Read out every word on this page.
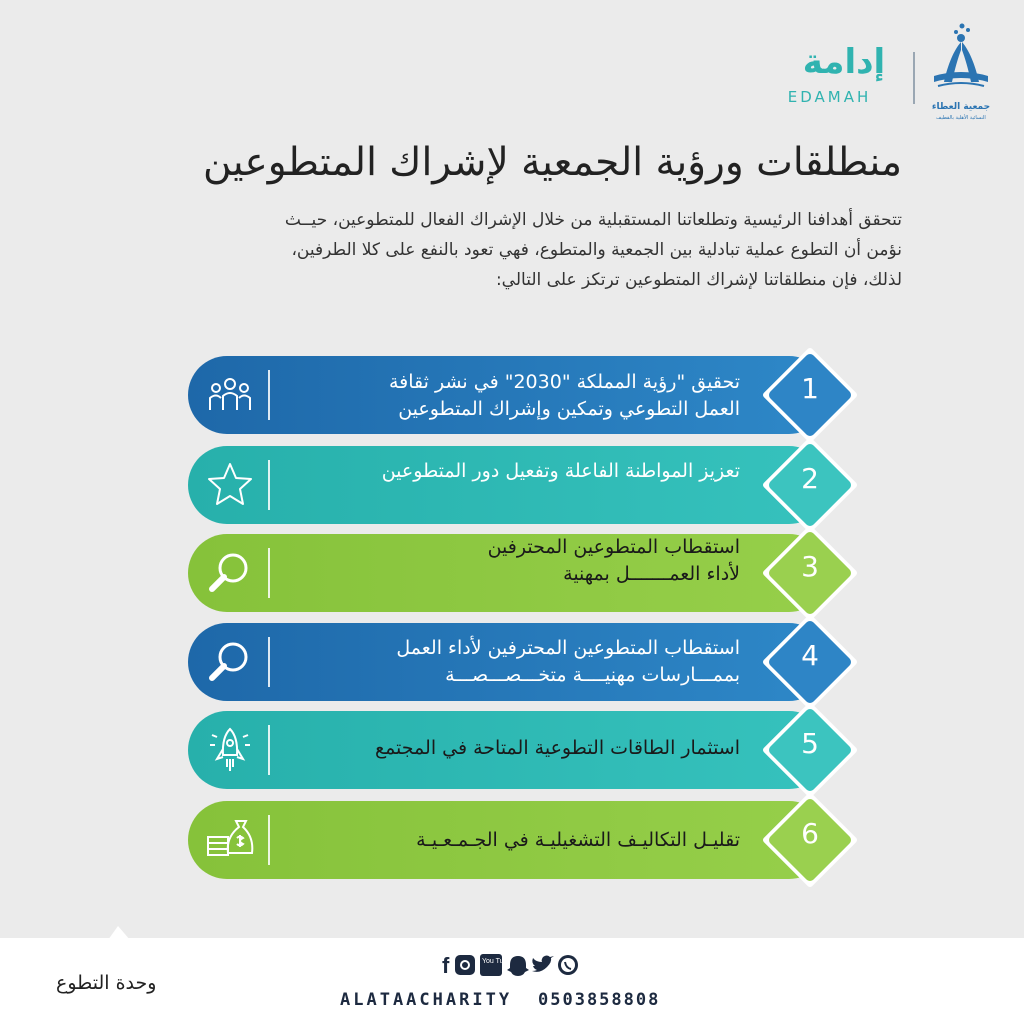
جمعية العطاء
النسائية الأهلية بالقطيف
إدامة
EDAMAH
منطلقات ورؤية الجمعية لإشراك المتطوعين

تتحقق أهدافنا الرئيسية وتطلعاتنا المستقبلية من خلال الإشراك الفعال للمتطوعين، حيــث

نؤمن أن التطوع عملية تبادلية بين الجمعية والمتطوع، فهي تعود بالنفع على كلا الطرفين،

لذلك، فإن منطلقاتنا لإشراك المتطوعين ترتكز على التالي:

1
تحقيق "رؤية المملكة "2030" في نشر ثقافة
العمل التطوعي وتمكين وإشراك المتطوعين
2
تعزيز المواطنة الفاعلة وتفعيل دور المتطوعين
3
استقطاب المتطوعين المحترفين
لأداء العمـــــــل بمهنية
4
استقطاب المتطوعين المحترفين لأداء العمل
بممـــارسات مهنيــــة متخـــصـــصـــة
5
استثمار الطاقات التطوعية المتاحة في المجتمع
6
تقليـل التكاليـف التشغيليـة في الجـمـعـيـة
وحدة التطوع
f	You Tube
ALATAACHARITY 0503858808
